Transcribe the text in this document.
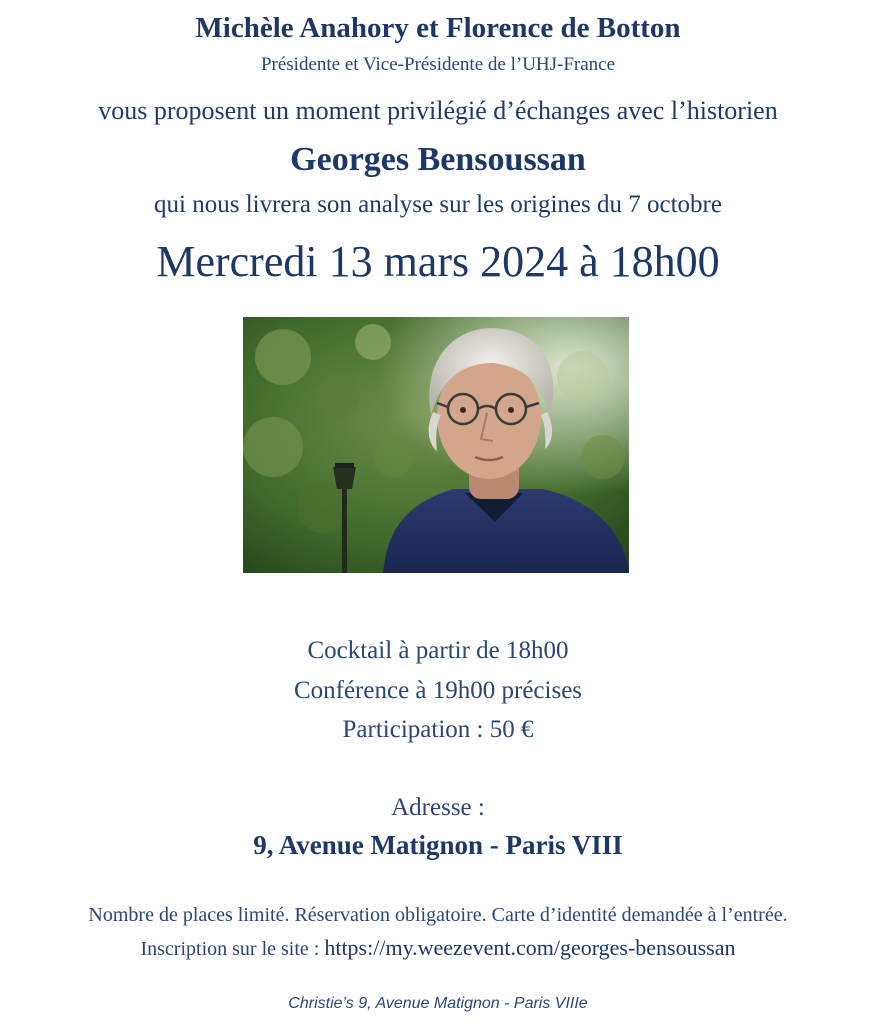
Michèle Anahory et Florence de Botton
Présidente et Vice-Présidente de l’UHJ-France
vous proposent un moment privilégié d’échanges avec l’historien
Georges Bensoussan
qui nous livrera son analyse sur les origines du 7 octobre
Mercredi 13 mars 2024 à 18h00
Cocktail à partir de 18h00
Conférence à 19h00 précises
Participation : 50 €
Adresse :
9, Avenue Matignon - Paris VIII
Nombre de places limité. Réservation obligatoire. Carte d’identité demandée à l’entrée.
Inscription sur le site : https://my.weezevent.com/georges-bensoussan
Christie’s 9, Avenue Matignon - Paris VIIIe
